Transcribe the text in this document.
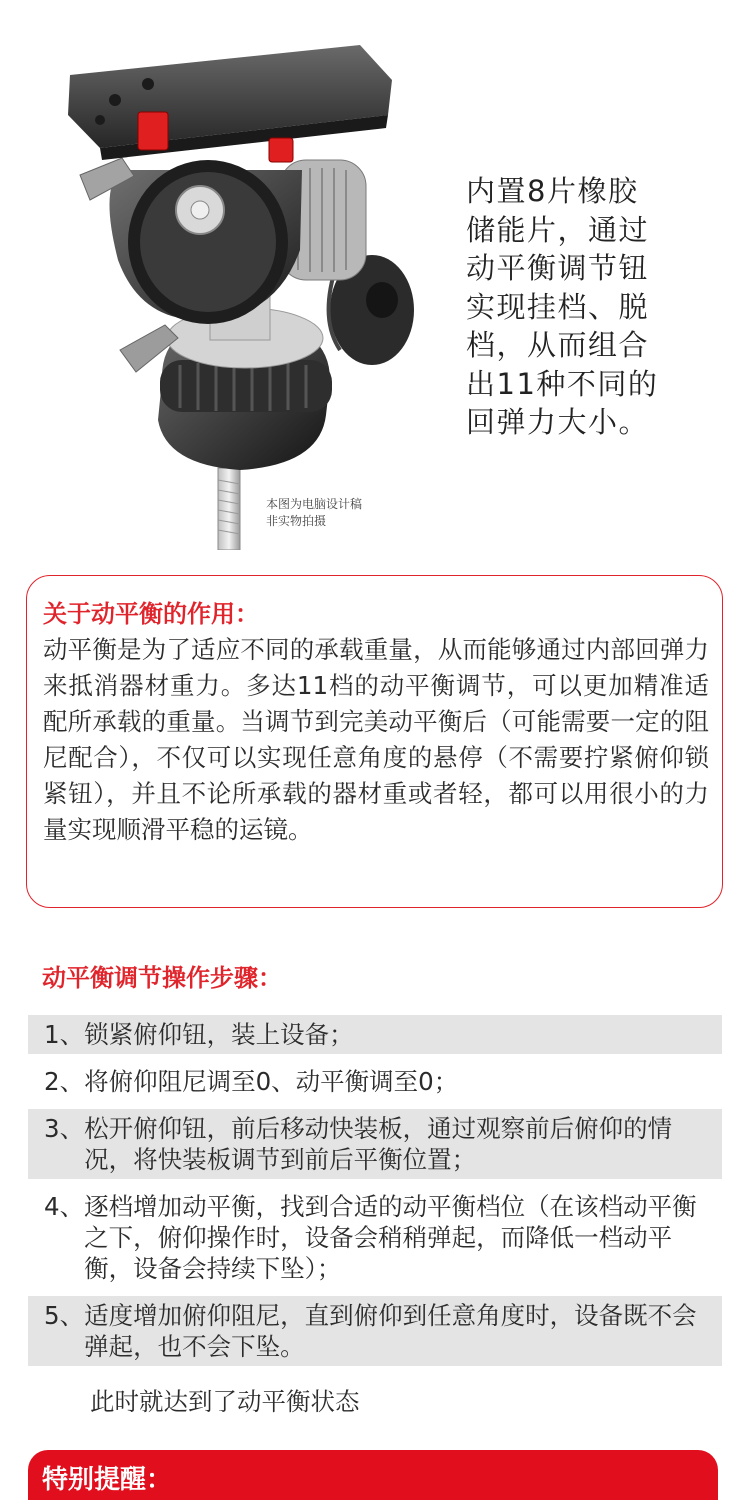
本图为电脑设计稿
非实物拍摄
内置8片橡胶
储能片，通过
动平衡调节钮
实现挂档、脱
档，从而组合
出11种不同的
回弹力大小。
关于动平衡的作用：
动平衡是为了适应不同的承载重量，从而能够通过内部回弹力来抵消器材重力。多达11档的动平衡调节，可以更加精准适配所承载的重量。当调节到完美动平衡后（可能需要一定的阻尼配合），不仅可以实现任意角度的悬停（不需要拧紧俯仰锁紧钮），并且不论所承载的器材重或者轻，都可以用很小的力量实现顺滑平稳的运镜。
动平衡调节操作步骤：
1、 锁紧俯仰钮，装上设备；
2、 将俯仰阻尼调至0、动平衡调至0；
3、 松开俯仰钮，前后移动快装板，通过观察前后俯仰的情况，将快装板调节到前后平衡位置；
4、 逐档增加动平衡，找到合适的动平衡档位（在该档动平衡之下，俯仰操作时，设备会稍稍弹起，而降低一档动平衡，设备会持续下坠）；
5、 适度增加俯仰阻尼，直到俯仰到任意角度时，设备既不会弹起，也不会下坠。
此时就达到了动平衡状态
特别提醒：
